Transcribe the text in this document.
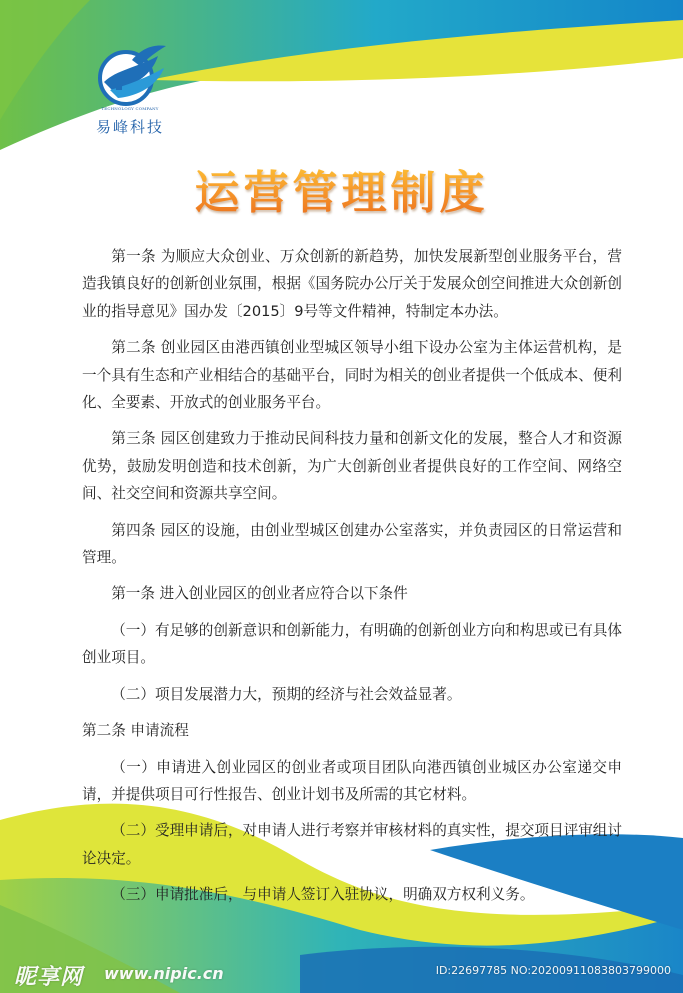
TECHNOLOGY COMPANY
易峰科技
运营管理制度

第一条 为顺应大众创业、万众创新的新趋势，加快发展新型创业服务平台，营造我镇良好的创新创业氛围，根据《国务院办公厅关于发展众创空间推进大众创新创业的指导意见》国办发〔2015〕9号等文件精神，特制定本办法。

第二条 创业园区由港西镇创业型城区领导小组下设办公室为主体运营机构，是一个具有生态和产业相结合的基础平台，同时为相关的创业者提供一个低成本、便利化、全要素、开放式的创业服务平台。

第三条 园区创建致力于推动民间科技力量和创新文化的发展，整合人才和资源优势，鼓励发明创造和技术创新，为广大创新创业者提供良好的工作空间、网络空间、社交空间和资源共享空间。

第四条 园区的设施，由创业型城区创建办公室落实，并负责园区的日常运营和管理。

第一条 进入创业园区的创业者应符合以下条件

（一）有足够的创新意识和创新能力，有明确的创新创业方向和构思或已有具体创业项目。

（二）项目发展潜力大，预期的经济与社会效益显著。

第二条 申请流程

（一）申请进入创业园区的创业者或项目团队向港西镇创业城区办公室递交申请，并提供项目可行性报告、创业计划书及所需的其它材料。

（二）受理申请后，对申请人进行考察并审核材料的真实性，提交项目评审组讨论决定。

（三）申请批准后，与申请人签订入驻协议，明确双方权利义务。

昵享网 www.nipic.cn	ID:22697785 NO:20200911083803799000
